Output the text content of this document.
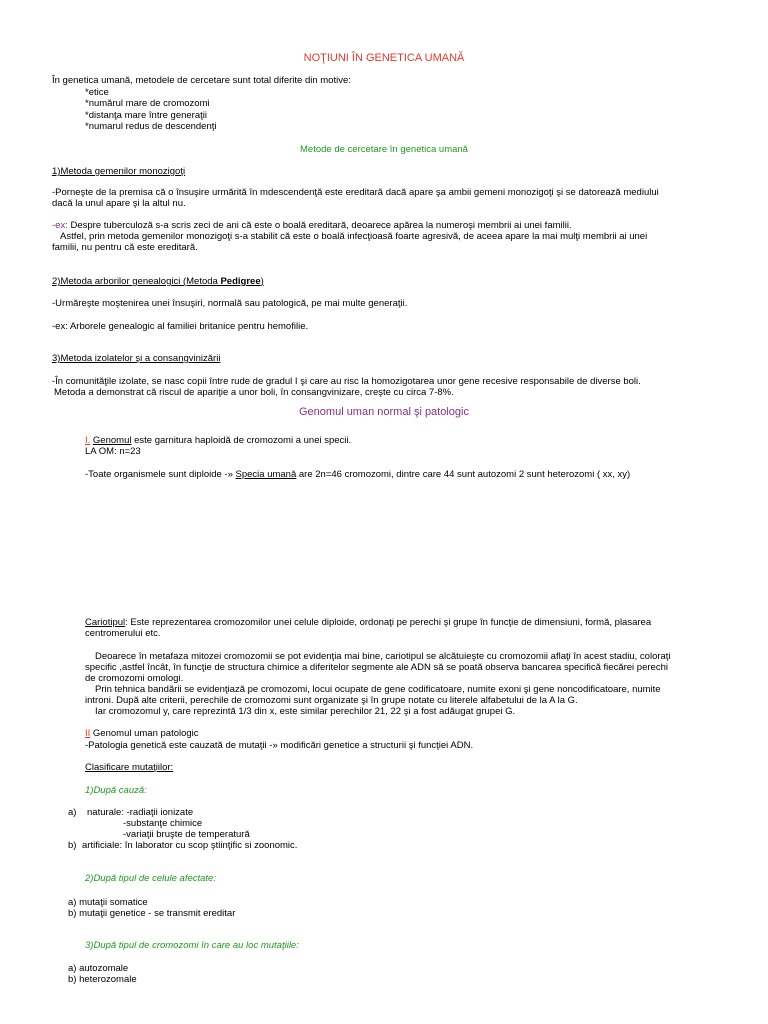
NOŢIUNI ÎN GENETICA UMANĂ
În genetica umană, metodele de cercetare sunt total diferite din motive:
*etice
*numărul mare de cromozomi
*distanţa mare între generaţii
*numarul redus de descendenţi
Metode de cercetare în genetica umană
1)Metoda gemenilor monozigoţi
-Porneşte de la premisa că o însuşire urmărită în mdescendenţă este ereditară dacă apare şa ambii gemeni monozigoţi şi se datorează mediului
dacă la unul apare şi la altul nu.
-ex: Despre tuberculoză s-a scris zeci de ani că este o boală ereditară, deoarece apărea la numeroşi membrii ai unei familii.
Astfel, prin metoda gemenilor monozigoţi s-a stabilit că este o boală infecţioasă foarte agresivă, de aceea apare la mai mulţi membrii ai unei
familii, nu pentru că este ereditară.
2)Metoda arborilor genealogici (Metoda Pedigree)
-Urmăreşte moştenirea unei însuşiri, normală sau patologică, pe mai multe generaţii.
-ex: Arborele genealogic al familiei britanice pentru hemofilie.
3)Metoda izolatelor şi a consangvinizării
-În comunităţile izolate, se nasc copii între rude de gradul I şi care au risc la homozigotarea unor gene recesive responsabile de diverse boli.
Metoda a demonstrat că riscul de apariţie a unor boli, în consangvinizare, creşte cu circa 7-8%.
Genomul uman normal şi patologic
I. Genomul este garnitura haploidă de cromozomi a unei specii.
LA OM: n=23
-Toate organismele sunt diploide -» Specia umană are 2n=46 cromozomi, dintre care 44 sunt autozomi 2 sunt heterozomi ( xx, xy)
Cariotipul: Este reprezentarea cromozomilor unei celule diploide, ordonaţi pe perechi şi grupe în funcţie de dimensiuni, formă, plasarea
centromerului etc.
Deoarece în metafaza mitozei cromozomii se pot evidenţia mai bine, cariotipul se alcătuieşte cu cromozomii aflaţi în acest stadiu, coloraţi
specific ,astfel încât, în funcţie de structura chimice a diferitelor segmente ale ADN să se poată observa bancarea specifică fiecărei perechi
de cromozomi omologi.
Prin tehnica bandării se evidenţiază pe cromozomi, locui ocupate de gene codificatoare, numite exoni şi gene noncodificatoare, numite
introni. După alte criterii, perechile de cromozomi sunt organizate şi în grupe notate cu literele alfabetului de la A la G.
Iar cromozomul y, care reprezintă 1/3 din x, este similar perechilor 21, 22 şi a fost adăugat grupei G.
II Genomul uman patologic
-Patologia genetică este cauzată de mutaţii -» modificări genetice a structurii şi funcţiei ADN.
Clasificare mutaţiilor:
1)După cauză:
a) naturale: -radiaţii ionizate
-substanţe chimice
-variaţii bruşte de temperatură
b) artificiale: în laborator cu scop ştiinţific si zoonomic.
2)După tipul de celule afectate:
a) mutaţii somatice
b) mutaţii genetice - se transmit ereditar
3)După tipul de cromozomi în care au loc mutaţiile:
a) autozomale
b) heterozomale
